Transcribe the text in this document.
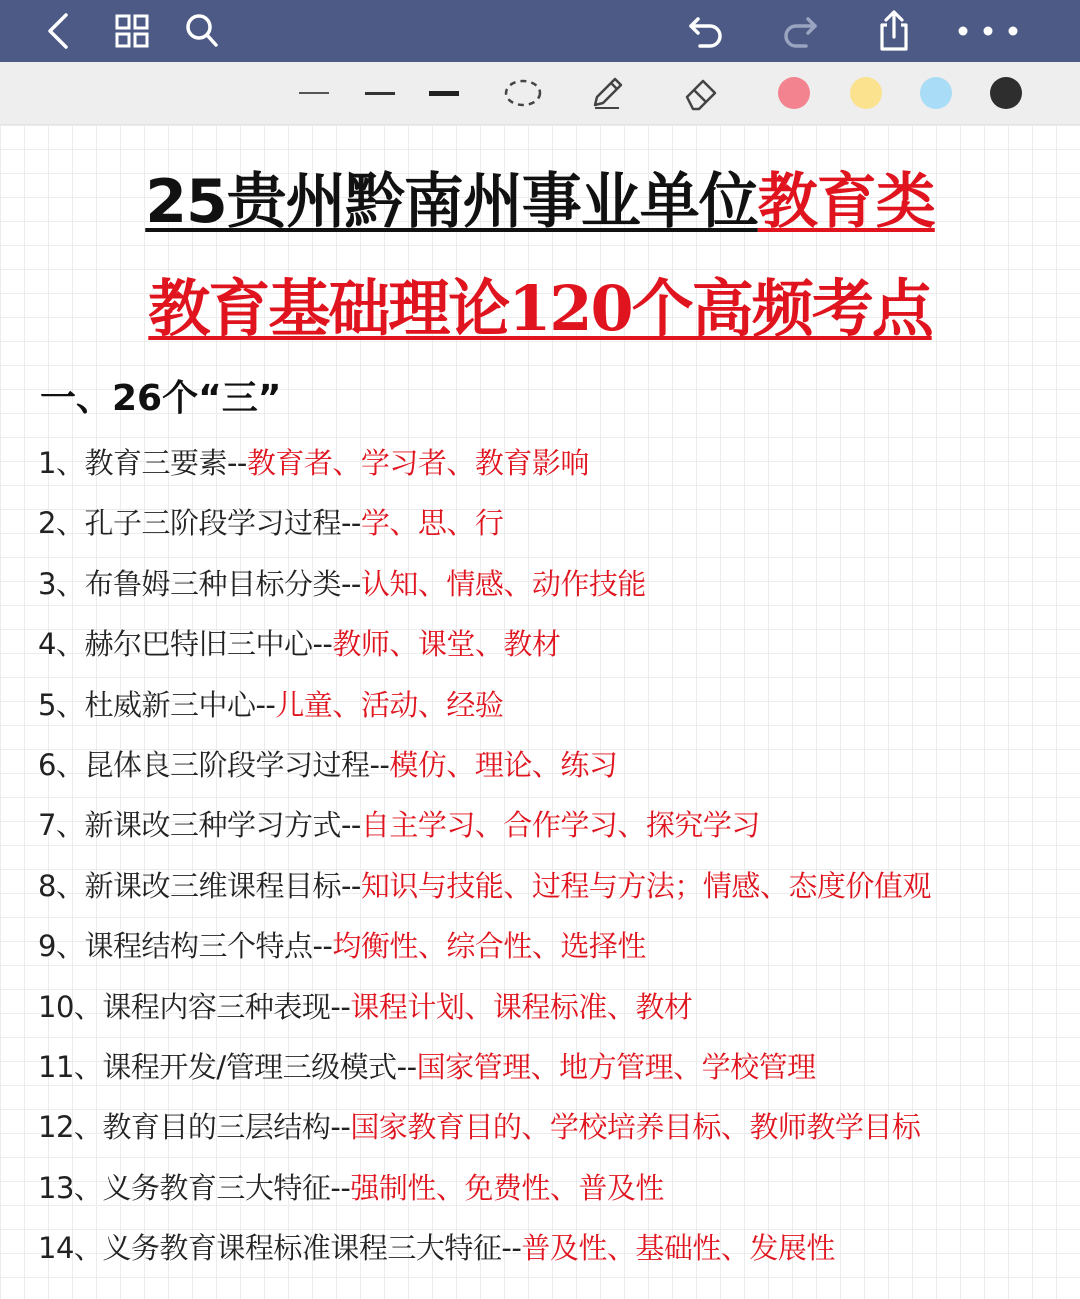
25贵州黔南州事业单位教育类
教育基础理论120个高频考点
一、26个“三”
1、教育三要素--教育者、学习者、教育影响
2、孔子三阶段学习过程--学、思、行
3、布鲁姆三种目标分类--认知、情感、动作技能
4、赫尔巴特旧三中心--教师、课堂、教材
5、杜威新三中心--儿童、活动、经验
6、昆体良三阶段学习过程--模仿、理论、练习
7、新课改三种学习方式--自主学习、合作学习、探究学习
8、新课改三维课程目标--知识与技能、过程与方法；情感、态度价值观
9、课程结构三个特点--均衡性、综合性、选择性
10、课程内容三种表现--课程计划、课程标准、教材
11、课程开发/管理三级模式--国家管理、地方管理、学校管理
12、教育目的三层结构--国家教育目的、学校培养目标、教师教学目标
13、义务教育三大特征--强制性、免费性、普及性
14、义务教育课程标准课程三大特征--普及性、基础性、发展性
